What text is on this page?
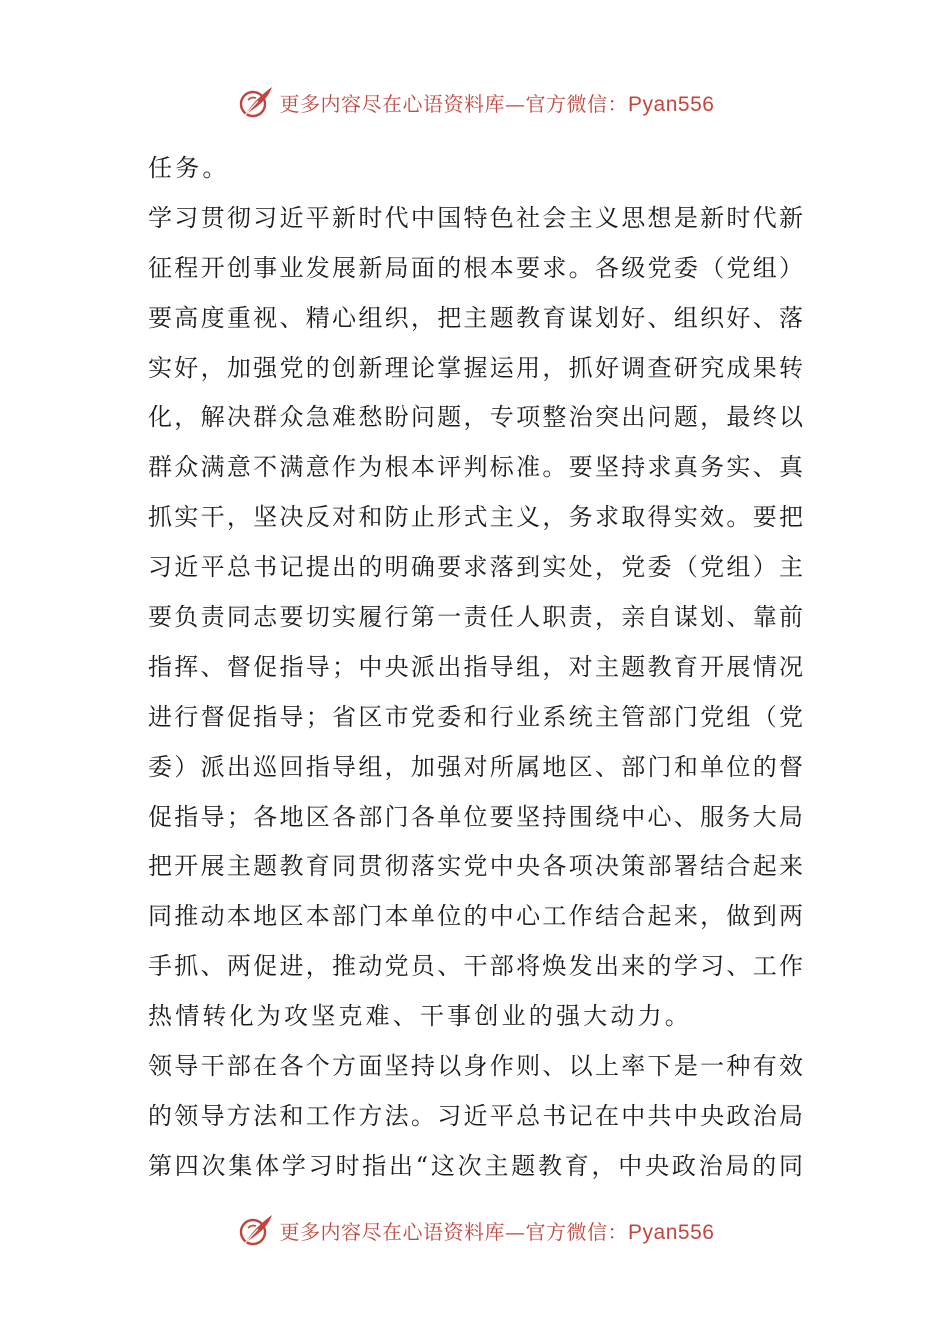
更多内容尽在心语资料库—官方微信：Pyan556
任务。
学习贯彻习近平新时代中国特色社会主义思想是新时代新
征程开创事业发展新局面的根本要求。各级党委（党组）
要高度重视、精心组织，把主题教育谋划好、组织好、落
实好，加强党的创新理论掌握运用，抓好调查研究成果转
化，解决群众急难愁盼问题，专项整治突出问题，最终以
群众满意不满意作为根本评判标准。要坚持求真务实、真
抓实干，坚决反对和防止形式主义，务求取得实效。要把
习近平总书记提出的明确要求落到实处，党委（党组）主
要负责同志要切实履行第一责任人职责，亲自谋划、靠前
指挥、督促指导；中央派出指导组，对主题教育开展情况
进行督促指导；省区市党委和行业系统主管部门党组（党
委）派出巡回指导组，加强对所属地区、部门和单位的督
促指导；各地区各部门各单位要坚持围绕中心、服务大局
把开展主题教育同贯彻落实党中央各项决策部署结合起来
同推动本地区本部门本单位的中心工作结合起来，做到两
手抓、两促进，推动党员、干部将焕发出来的学习、工作
热情转化为攻坚克难、干事创业的强大动力。
领导干部在各个方面坚持以身作则、以上率下是一种有效
的领导方法和工作方法。习近平总书记在中共中央政治局
第四次集体学习时指出“这次主题教育，中央政治局的同
更多内容尽在心语资料库—官方微信：Pyan556
